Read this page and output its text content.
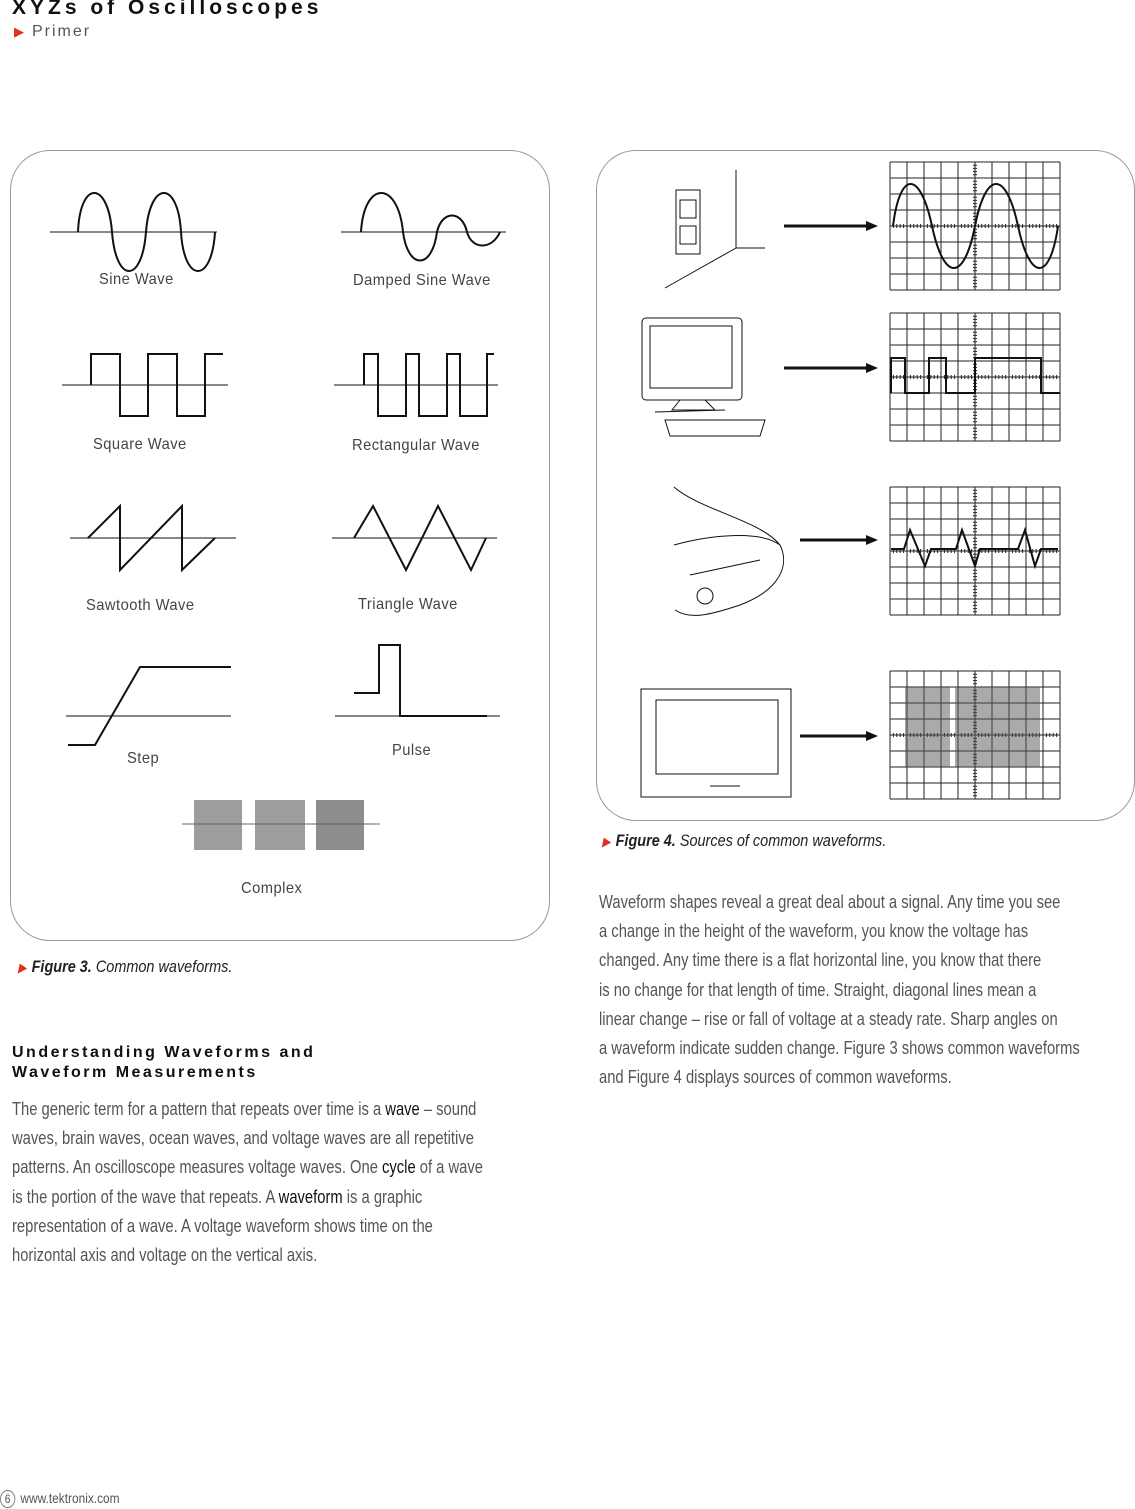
XYZs of Oscilloscopes
▶ Primer
Sine Wave	Damped Sine Wave
Square Wave	Rectangular Wave
Sawtooth Wave	Triangle Wave
Step	Pulse
Complex
▶ Figure 3. Common waveforms.
▶ Figure 4. Sources of common waveforms.
Understanding Waveforms and
Waveform Measurements
The generic term for a pattern that repeats over time is a wave – sound
waves, brain waves, ocean waves, and voltage waves are all repetitive
patterns. An oscilloscope measures voltage waves. One cycle of a wave
is the portion of the wave that repeats. A waveform is a graphic
representation of a wave. A voltage waveform shows time on the
horizontal axis and voltage on the vertical axis.
Waveform shapes reveal a great deal about a signal. Any time you see
a change in the height of the waveform, you know the voltage has
changed. Any time there is a flat horizontal line, you know that there
is no change for that length of time. Straight, diagonal lines mean a
linear change – rise or fall of voltage at a steady rate. Sharp angles on
a waveform indicate sudden change. Figure 3 shows common waveforms
and Figure 4 displays sources of common waveforms.
6 www.tektronix.com
